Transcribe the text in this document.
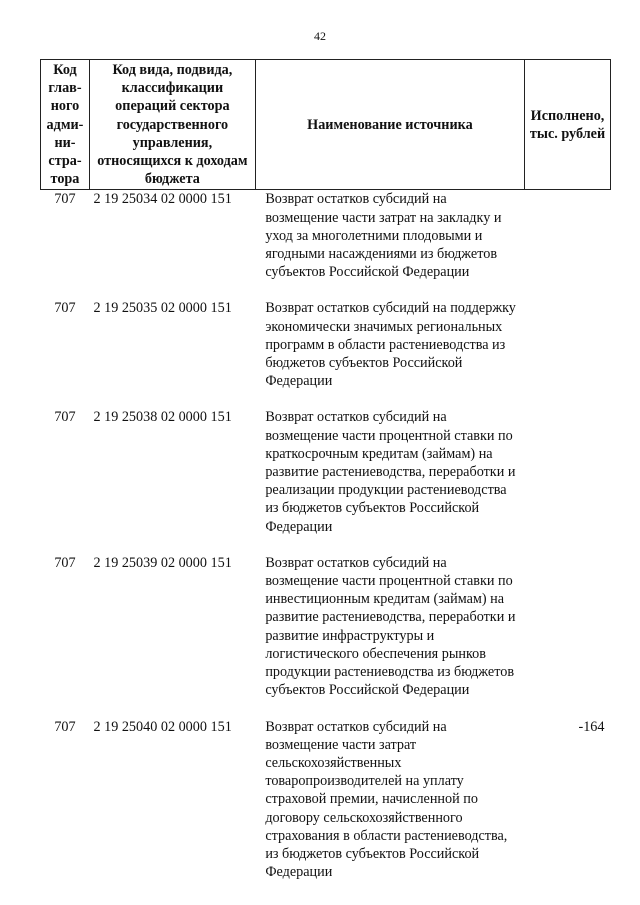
42
Код глав-ного адми-ни-стра-тора	Код вида, подвида, классификации операций сектора государственного управления, относящихся к доходам бюджета	Наименование источника	Исполнено, тыс. рублей
707	2 19 25034 02 0000 151	Возврат остатков субсидий на возмещение части затрат на закладку и уход за многолетними плодовыми и ягодными насаждениями из бюджетов субъектов Российской Федерации	
707	2 19 25035 02 0000 151	Возврат остатков субсидий на поддержку экономически значимых региональных программ в области растениеводства из бюджетов субъектов Российской Федерации	
707	2 19 25038 02 0000 151	Возврат остатков субсидий на возмещение части процентной ставки по краткосрочным кредитам (займам) на развитие растениеводства, переработки и реализации продукции растениеводства из бюджетов субъектов Российской Федерации	
707	2 19 25039 02 0000 151	Возврат остатков субсидий на возмещение части процентной ставки по инвестиционным кредитам (займам) на развитие растениеводства, переработки и развитие инфраструктуры и логистического обеспечения рынков продукции растениеводства из бюджетов субъектов Российской Федерации	
707	2 19 25040 02 0000 151	Возврат остатков субсидий на возмещение части затрат сельскохозяйственных товаропроизводителей на уплату страховой премии, начисленной по договору сельскохозяйственного страхования в области растениеводства, из бюджетов субъектов Российской Федерации	-164
